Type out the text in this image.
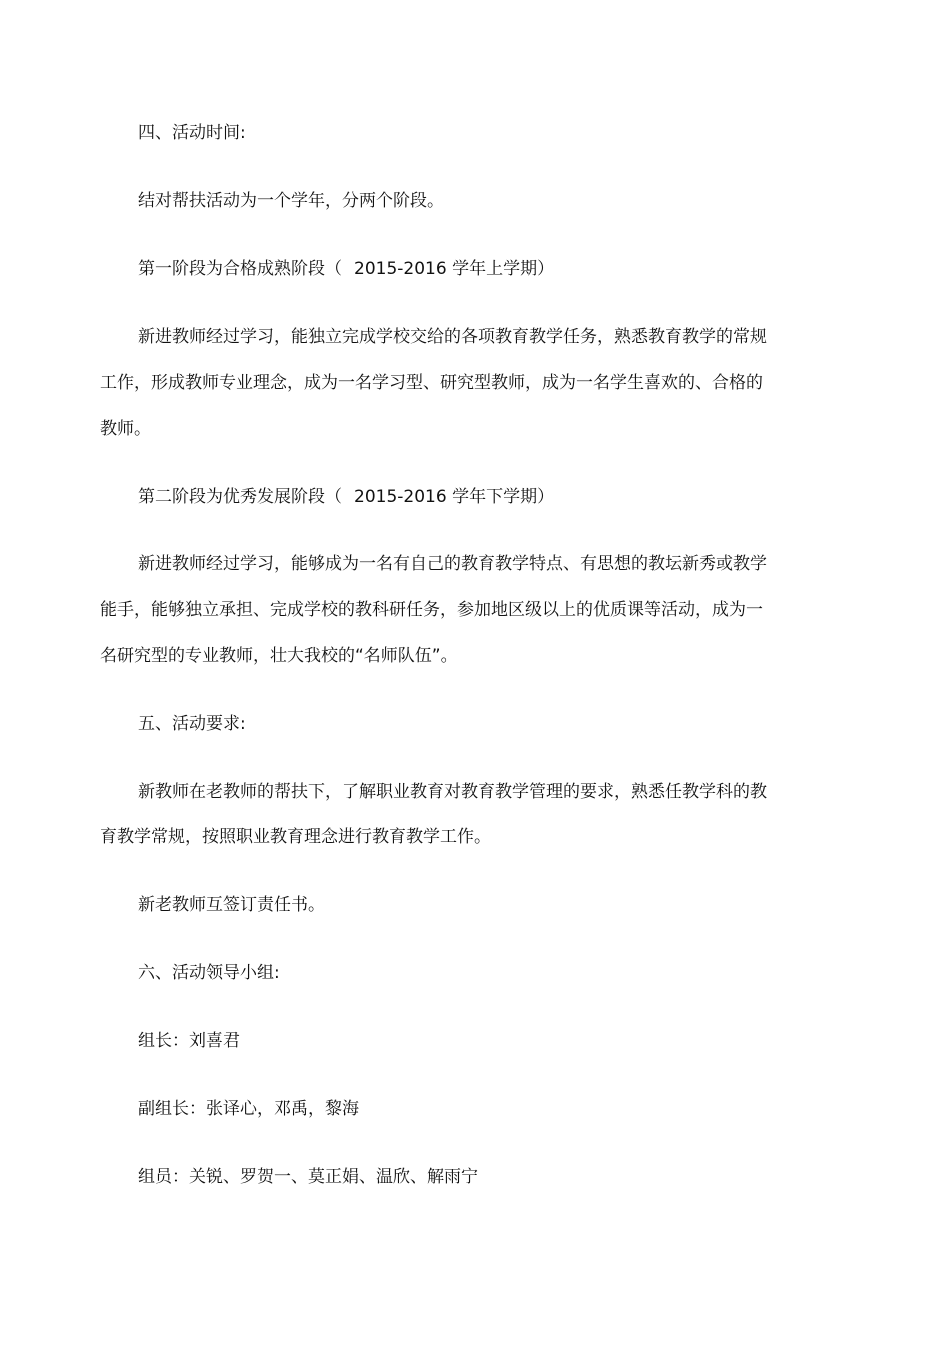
四、活动时间:

结对帮扶活动为一个学年，分两个阶段。

第一阶段为合格成熟阶段（ 2015-2016 学年上学期）

新进教师经过学习，能独立完成学校交给的各项教育教学任务，熟悉教育教学的常规

工作，形成教师专业理念，成为一名学习型、研究型教师，成为一名学生喜欢的、合格的

教师。

第二阶段为优秀发展阶段（ 2015-2016 学年下学期）

新进教师经过学习，能够成为一名有自己的教育教学特点、有思想的教坛新秀或教学

能手，能够独立承担、完成学校的教科研任务，参加地区级以上的优质课等活动，成为一

名研究型的专业教师，壮大我校的“名师队伍”。

五、活动要求:

新教师在老教师的帮扶下，了解职业教育对教育教学管理的要求，熟悉任教学科的教

育教学常规，按照职业教育理念进行教育教学工作。

新老教师互签订责任书。

六、活动领导小组:

组长：刘喜君

副组长：张译心，邓禹，黎海

组员：关锐、罗贺一、莫正娟、温欣、解雨宁
